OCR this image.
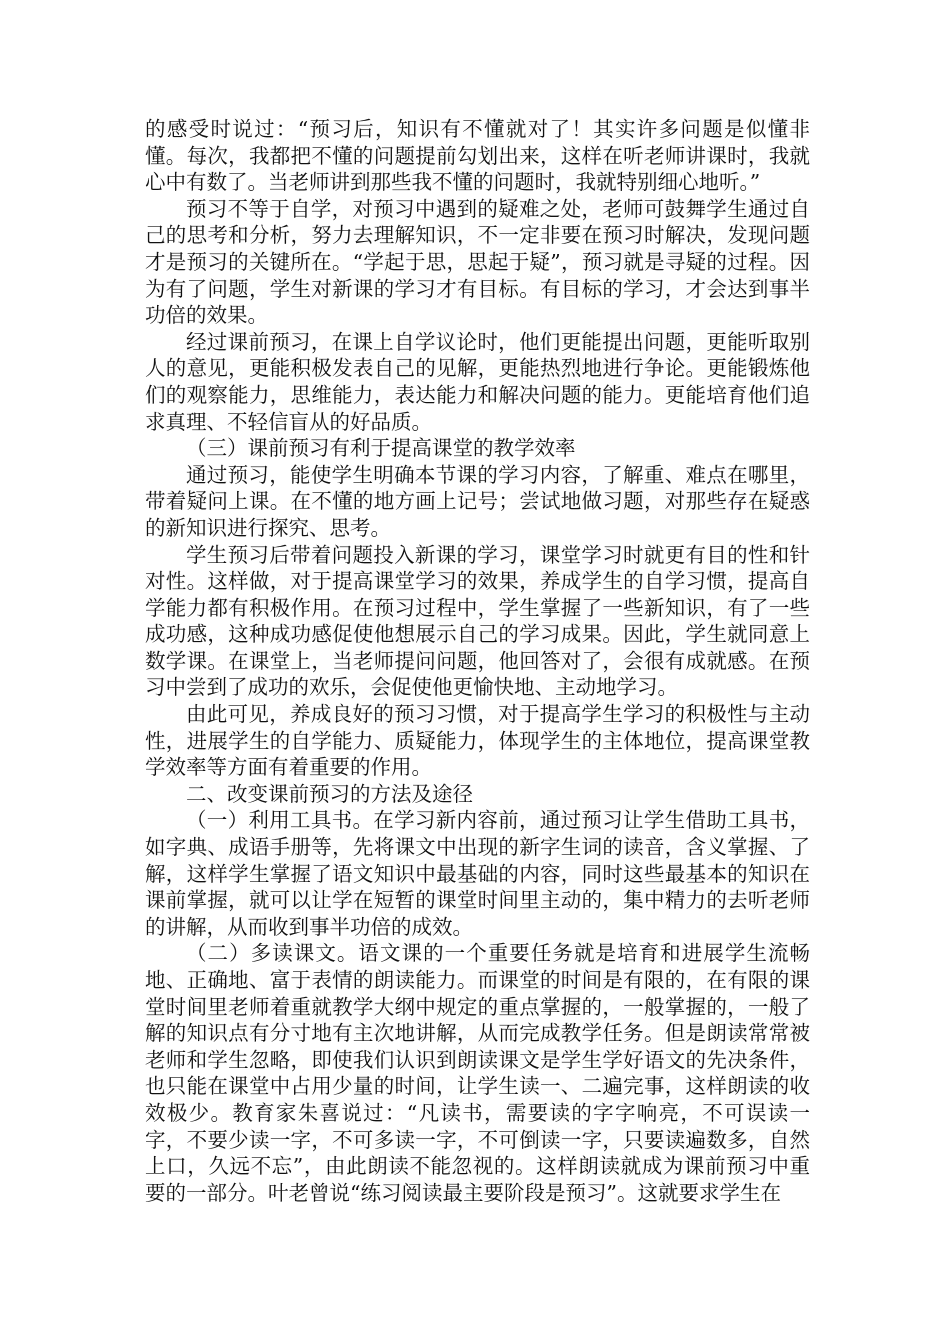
的感受时说过：“预习后，知识有不懂就对了！其实许多问题是似懂非懂。每次，我都把不懂的问题提前勾划出来，这样在听老师讲课时，我就心中有数了。当老师讲到那些我不懂的问题时，我就特别细心地听。”

预习不等于自学，对预习中遇到的疑难之处，老师可鼓舞学生通过自己的思考和分析，努力去理解知识，不一定非要在预习时解决，发现问题才是预习的关键所在。“学起于思，思起于疑”，预习就是寻疑的过程。因为有了问题，学生对新课的学习才有目标。有目标的学习，才会达到事半功倍的效果。

经过课前预习，在课上自学议论时，他们更能提出问题，更能听取别人的意见，更能积极发表自己的见解，更能热烈地进行争论。更能锻炼他们的观察能力，思维能力，表达能力和解决问题的能力。更能培育他们追求真理、不轻信盲从的好品质。

（三）课前预习有利于提高课堂的教学效率

通过预习，能使学生明确本节课的学习内容，了解重、难点在哪里，带着疑问上课。在不懂的地方画上记号；尝试地做习题，对那些存在疑惑的新知识进行探究、思考。

学生预习后带着问题投入新课的学习，课堂学习时就更有目的性和针对性。这样做，对于提高课堂学习的效果，养成学生的自学习惯，提高自学能力都有积极作用。在预习过程中，学生掌握了一些新知识，有了一些成功感，这种成功感促使他想展示自己的学习成果。因此，学生就同意上数学课。在课堂上，当老师提问问题，他回答对了，会很有成就感。在预习中尝到了成功的欢乐，会促使他更愉快地、主动地学习。

由此可见，养成良好的预习习惯，对于提高学生学习的积极性与主动性，进展学生的自学能力、质疑能力，体现学生的主体地位，提高课堂教学效率等方面有着重要的作用。

二、改变课前预习的方法及途径

（一）利用工具书。在学习新内容前，通过预习让学生借助工具书，如字典、成语手册等，先将课文中出现的新字生词的读音，含义掌握、了解，这样学生掌握了语文知识中最基础的内容，同时这些最基本的知识在课前掌握，就可以让学在短暂的课堂时间里主动的，集中精力的去听老师的讲解，从而收到事半功倍的成效。

（二）多读课文。语文课的一个重要任务就是培育和进展学生流畅地、正确地、富于表情的朗读能力。而课堂的时间是有限的，在有限的课堂时间里老师着重就教学大纲中规定的重点掌握的，一般掌握的，一般了解的知识点有分寸地有主次地讲解，从而完成教学任务。但是朗读常常被老师和学生忽略，即使我们认识到朗读课文是学生学好语文的先决条件，也只能在课堂中占用少量的时间，让学生读一、二遍完事，这样朗读的收效极少。教育家朱喜说过：“凡读书，需要读的字字响亮，不可误读一字，不要少读一字，不可多读一字，不可倒读一字，只要读遍数多，自然上口，久远不忘”，由此朗读不能忽视的。这样朗读就成为课前预习中重要的一部分。叶老曾说“练习阅读最主要阶段是预习”。这就要求学生在
